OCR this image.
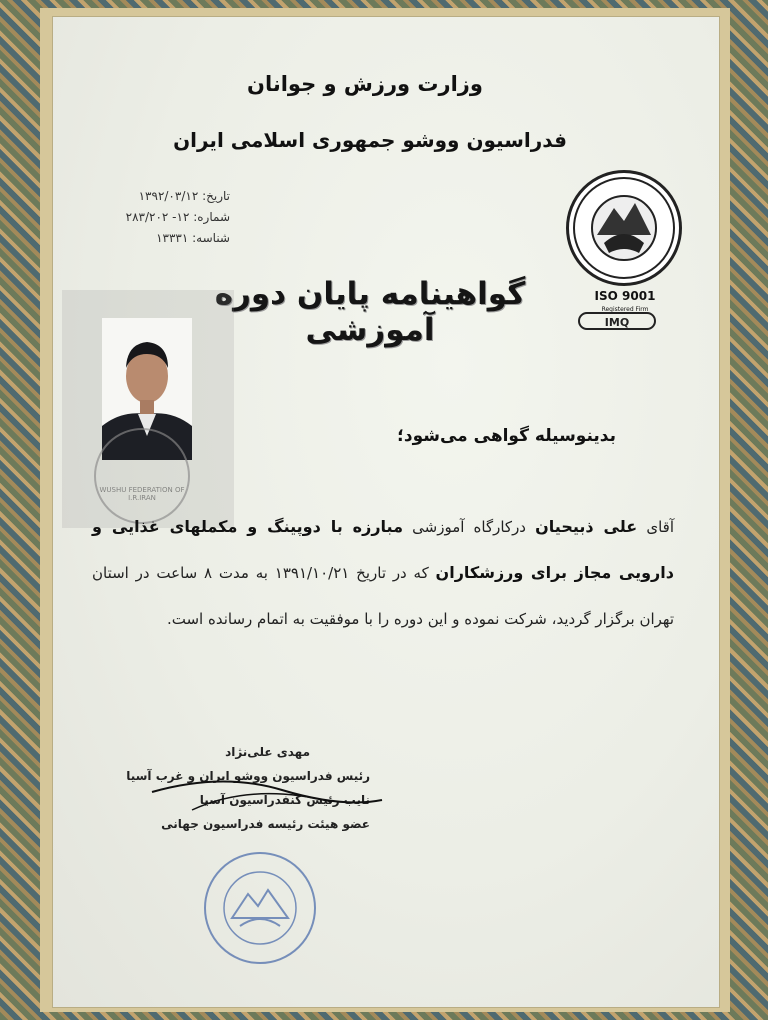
وزارت ورزش و جوانان
فدراسیون ووشو جمهوری اسلامی ایران
تاریخ: ۱۳۹۲/۰۳/۱۲
شماره: ۱۲- ۲۸۳/۲۰۲
شناسه: ۱۳۳۳۱
گواهینامه پایان دوره آموزشی
ISO 9001
Registered Firm
IMQ
WUSHU FEDERATION OF I.R.IRAN
بدینوسیله گواهی می‌شود؛
آقای علی ذبیحیان درکارگاه آموزشی مبارزه با دوپینگ و مکملهای غذایی و دارویی مجاز برای ورزشکاران که در تاریخ ۱۳۹۱/۱۰/۲۱ به مدت ۸ ساعت در استان تهران برگزار گردید، شرکت نموده و این دوره را با موفقیت به اتمام رسانده است.
مهدی علی‌نژاد
رئیس فدراسیون ووشو ایران و غرب آسیا
نایب رئیس کنفدراسیون آسیا
عضو هیئت رئیسه فدراسیون جهانی
